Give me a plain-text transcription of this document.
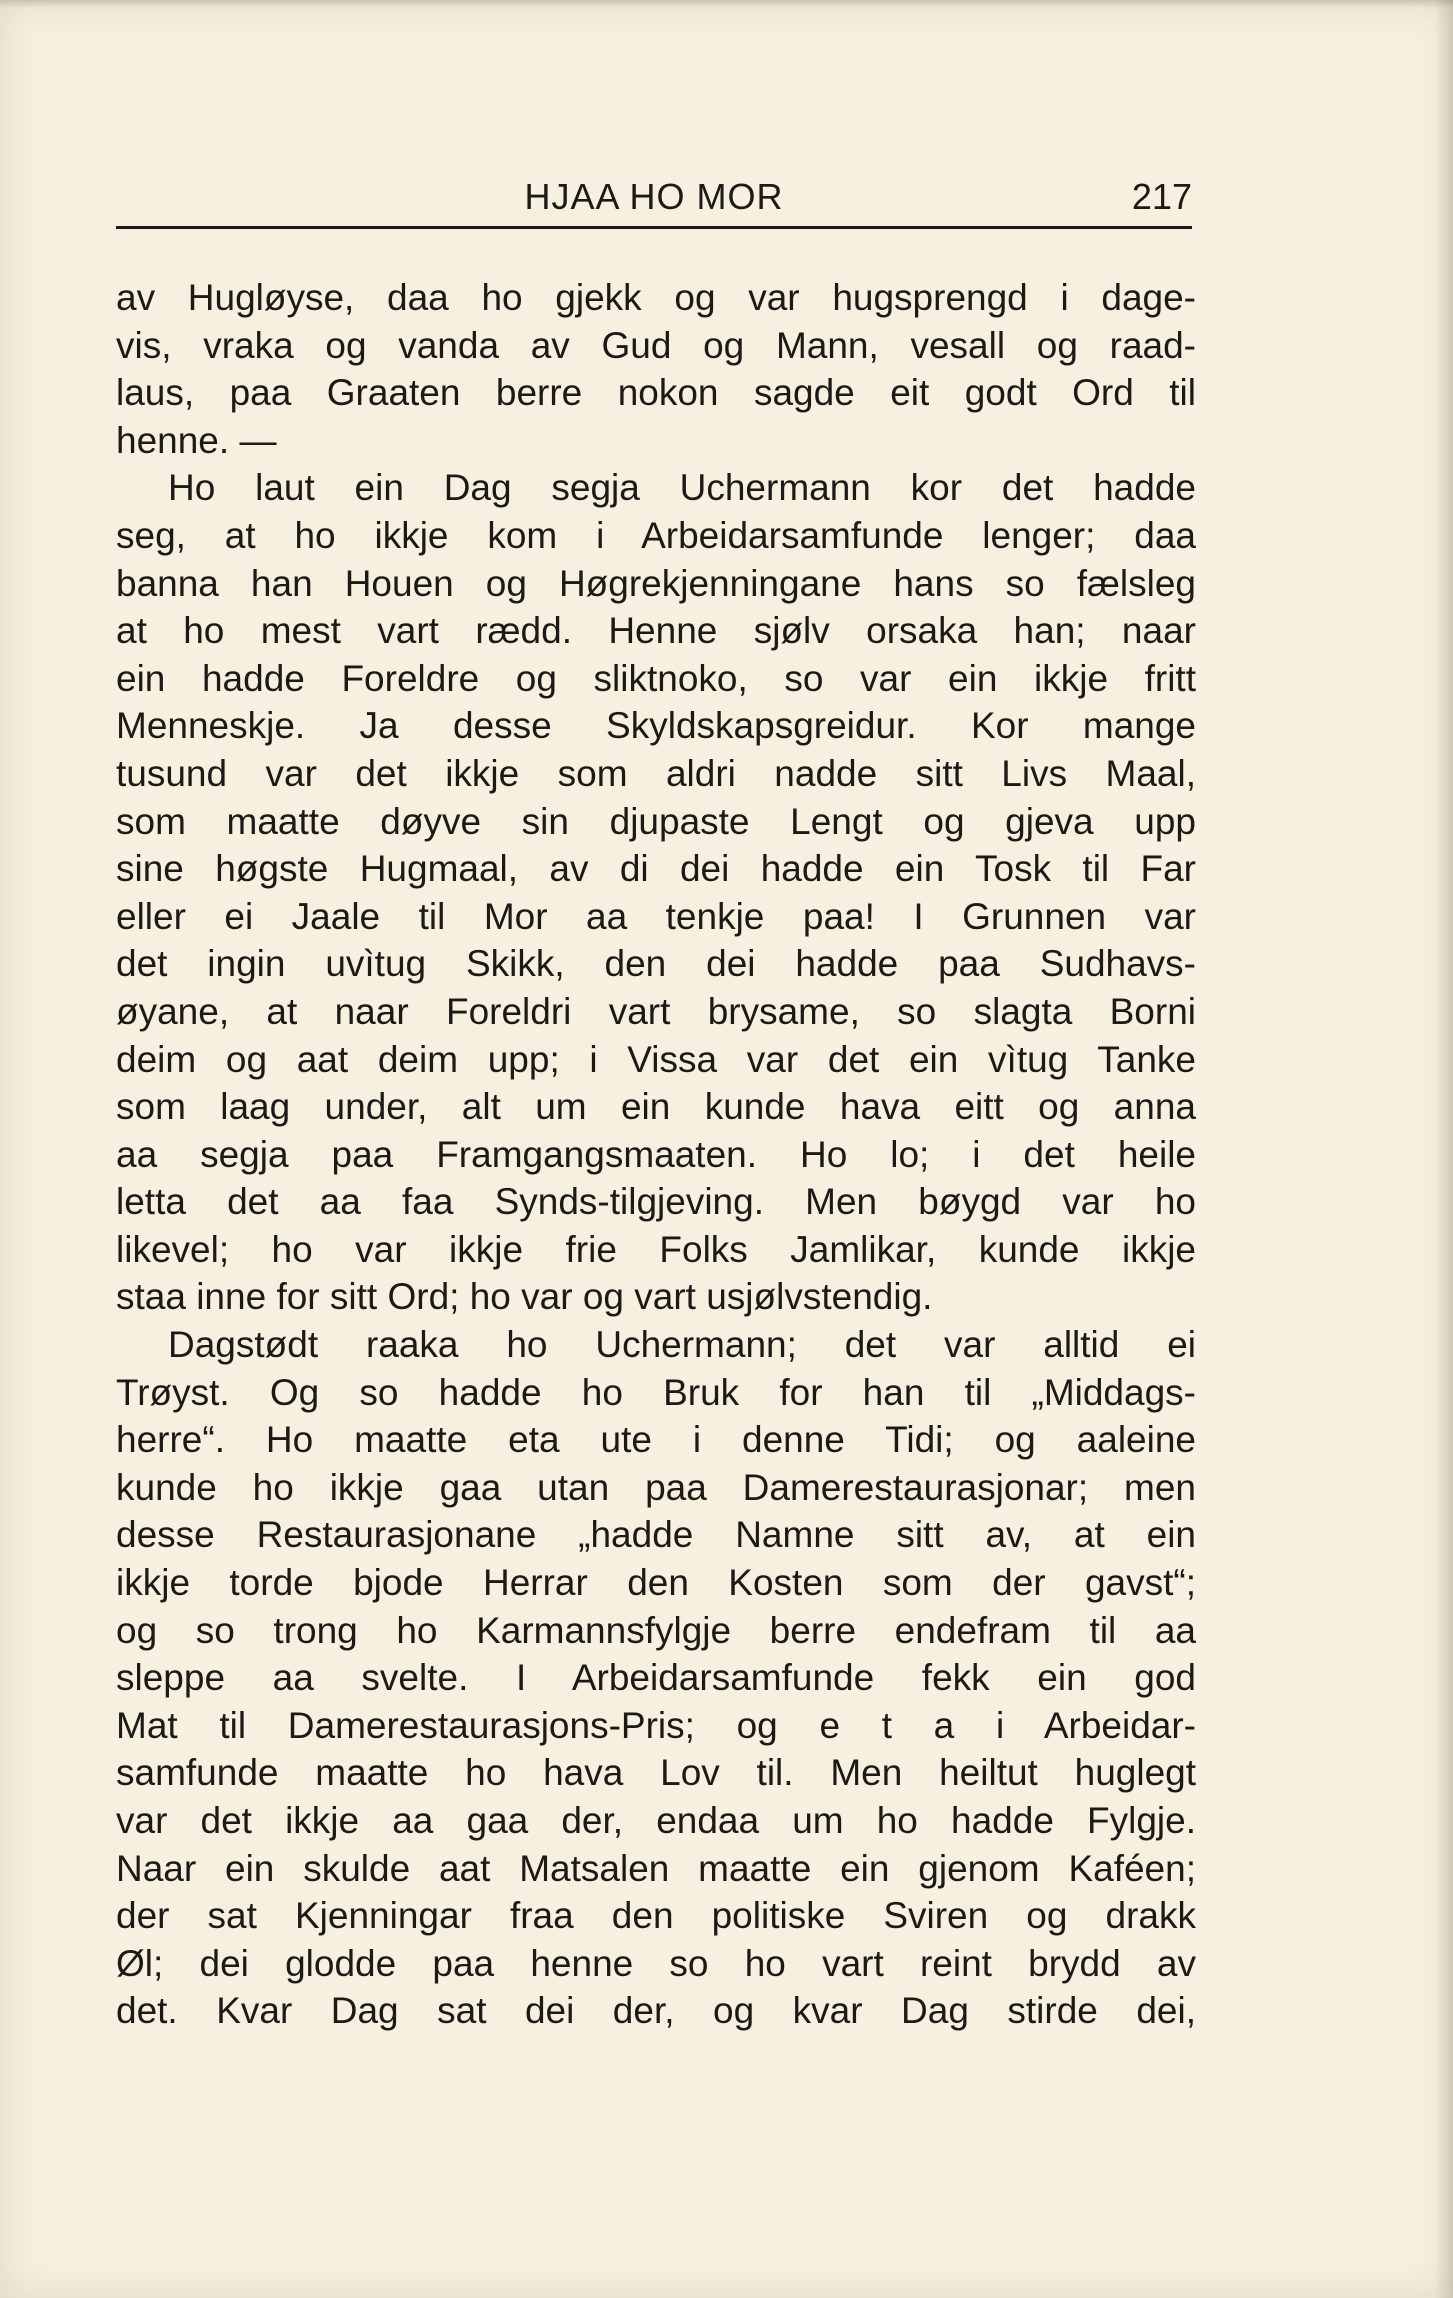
HJAA HO MOR	217
av Hugløyse, daa ho gjekk og var hugsprengd i dage-
vis, vraka og vanda av Gud og Mann, vesall og raad-
laus, paa Graaten berre nokon sagde eit godt Ord til
henne. —
Ho laut ein Dag segja Uchermann kor det hadde
seg, at ho ikkje kom i Arbeidarsamfunde lenger; daa
banna han Houen og Høgrekjenningane hans so fælsleg
at ho mest vart rædd. Henne sjølv orsaka han; naar
ein hadde Foreldre og sliktnoko, so var ein ikkje fritt
Menneskje. Ja desse Skyldskapsgreidur. Kor mange
tusund var det ikkje som aldri nadde sitt Livs Maal,
som maatte døyve sin djupaste Lengt og gjeva upp
sine høgste Hugmaal, av di dei hadde ein Tosk til Far
eller ei Jaale til Mor aa tenkje paa! I Grunnen var
det ingin uvìtug Skikk, den dei hadde paa Sudhavs-
øyane, at naar Foreldri vart brysame, so slagta Borni
deim og aat deim upp; i Vissa var det ein vìtug Tanke
som laag under, alt um ein kunde hava eitt og anna
aa segja paa Framgangsmaaten. Ho lo; i det heile
letta det aa faa Synds-tilgjeving. Men bøygd var ho
likevel; ho var ikkje frie Folks Jamlikar, kunde ikkje
staa inne for sitt Ord; ho var og vart usjølvstendig.
Dagstødt raaka ho Uchermann; det var alltid ei
Trøyst. Og so hadde ho Bruk for han til „Middags-
herre“. Ho maatte eta ute i denne Tidi; og aaleine
kunde ho ikkje gaa utan paa Damerestaurasjonar; men
desse Restaurasjonane „hadde Namne sitt av, at ein
ikkje torde bjode Herrar den Kosten som der gavst“;
og so trong ho Karmannsfylgje berre endefram til aa
sleppe aa svelte. I Arbeidarsamfunde fekk ein god
Mat til Damerestaurasjons-Pris; og e t a i Arbeidar-
samfunde maatte ho hava Lov til. Men heiltut huglegt
var det ikkje aa gaa der, endaa um ho hadde Fylgje.
Naar ein skulde aat Matsalen maatte ein gjenom Kaféen;
der sat Kjenningar fraa den politiske Sviren og drakk
Øl; dei glodde paa henne so ho vart reint brydd av
det. Kvar Dag sat dei der, og kvar Dag stirde dei,
